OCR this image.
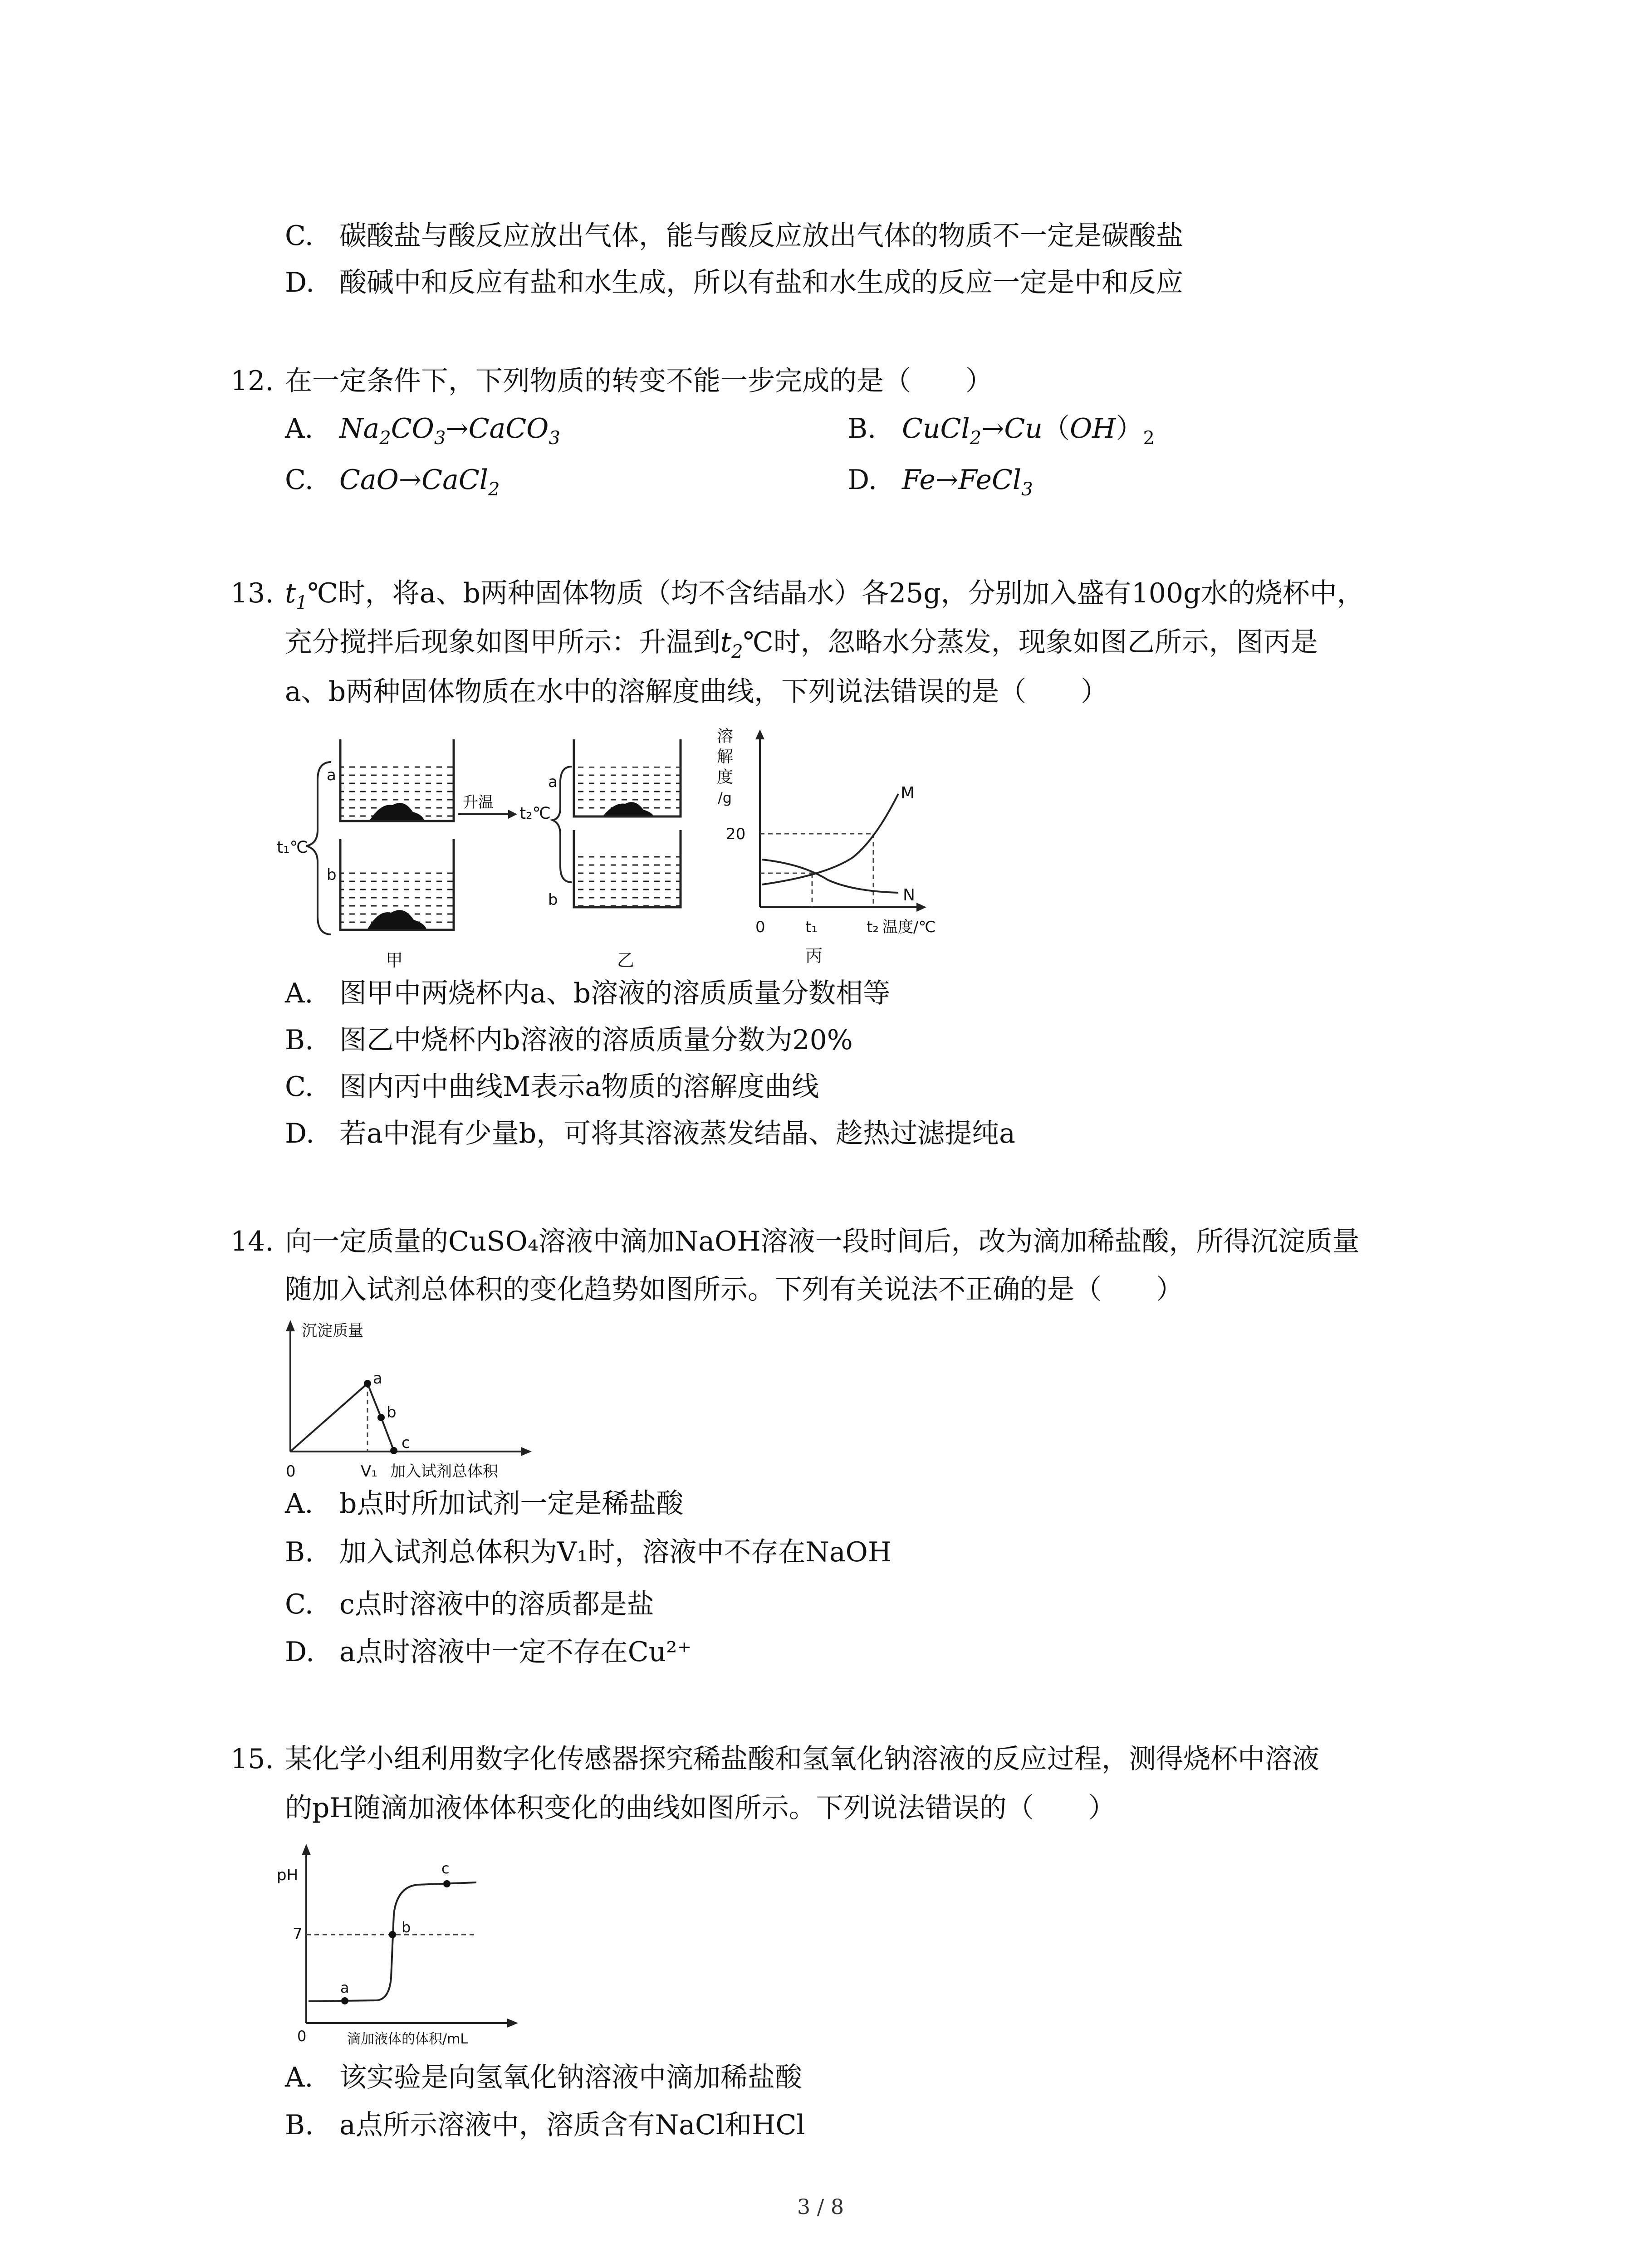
C. 碳酸盐与酸反应放出气体，能与酸反应放出气体的物质不一定是碳酸盐
D. 酸碱中和反应有盐和水生成，所以有盐和水生成的反应一定是中和反应
12. 在一定条件下，下列物质的转变不能一步完成的是（　　）
A. $Na_2CO_3\to CaCO_3$	B. $CuCl_2\to Cu(OH)_2$
C. CaO→CaCl$_2$	D. Fe→FeCl$_3$
13. $t_1℃$时，将a、b两种固体物质（均不含结晶水）各25g，分别加入盛有100g水的烧杯中，
充分搅拌后现象如图甲所示：升温到$t_2℃$时，忽略水分蒸发，现象如图乙所示，图丙是
a、b两种固体物质在水中的溶解度曲线，下列说法错误的是（　　）
t₁℃
a
b
升温
t₂℃
a
b
甲	乙
溶
解
度
/g
20
M
N
0	t₁	t₂ 温度/℃
丙
A. 图甲中两烧杯内a、b溶液的溶质质量分数相等
B. 图乙中烧杯内b溶液的溶质质量分数为20%
C. 图内丙中曲线M表示a物质的溶解度曲线
D. 若a中混有少量b，可将其溶液蒸发结晶、趁热过滤提纯a
14. 向一定质量的CuSO₄溶液中滴加NaOH溶液一段时间后，改为滴加稀盐酸，所得沉淀质量
随加入试剂总体积的变化趋势如图所示。下列有关说法不正确的是（　　）
沉淀质量
a
b
c
0	V₁ 加入试剂总体积
A. b点时所加试剂一定是稀盐酸
B. 加入试剂总体积为V₁时，溶液中不存在NaOH
C. c点时溶液中的溶质都是盐
D. a点时溶液中一定不存在Cu²⁺
15. 某化学小组利用数字化传感器探究稀盐酸和氢氧化钠溶液的反应过程，测得烧杯中溶液
的pH随滴加液体体积变化的曲线如图所示。下列说法错误的（　　）
pH
7
a
b
c
0	滴加液体的体积/mL
A. 该实验是向氢氧化钠溶液中滴加稀盐酸
B. a点所示溶液中，溶质含有NaCl和HCl
3 / 8
